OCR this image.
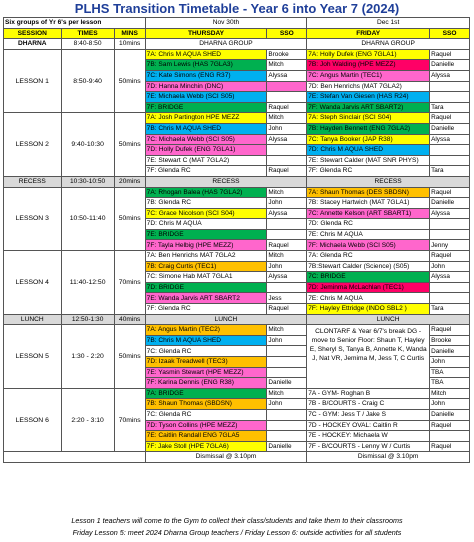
PLHS Transition Timetable - Year 6 into Year 7 (2024)
Six groups of Yr 6's per lesson			Nov 30th		Dec 1st	
SESSION	TIMES	MINS	THURSDAY	SSO	FRIDAY	SSO
DHARNA	8:40-8:50	10mins	DHARNA GROUP		DHARNA GROUP	
LESSON 1	8:50-9:40	50mins	7A: Chris M AQUA SHED	Brooke	7A: Holly Dufek (ENG 7GLA1)	Raquel
			7B: Sam Lewis (HAS 7GLA3)	Mitch	7B: Joh Walding (HPE MEZZ)	Danielle
			7C: Kate Simons (ENG R37)	Alyssa	7C: Angus Martin (TEC1)	Alyssa
			7D: Hanna Minchin (DNC)		7D: Ben Henrichs (MAT 7GLA2)	
			7E: Michaela Webb (SCI S05)		7E: Stefan Van Giesen (HAS R24)	
			7F: BRIDGE	Raquel	7F: Wanda Jarvis ART SBART2)	Tara
LESSON 2	9:40-10:30	50mins	7A: Josh Partington HPE MEZZ	Mitch	7A: Steph Sinclair (SCI S04)	Raquel
			7B: Chris M AQUA SHED	John	7B: Hayden Bennett (ENG 7GLA2)	Danielle
			7C: Michaela Webb (SCI S05)	Alyssa	7C: Tanya Booker (JAP R38)	Alyssa
			7D: Holly Dufek (ENG 7GLA1)		7D: Chris M AQUA SHED	
			7E: Stewart C (MAT 7GLA2)		7E: Stewart Calder (MAT SNR PHYS)	
			7F: Glenda RC	Raquel	7F: Glenda RC	Tara
RECESS	10:30-10:50	20mins	RECESS		RECESS	
LESSON 3	10:50-11:40	50mins	7A: Rhogan Balea (HAS 7GLA2)	Mitch	7A: Shaun Thomas (DES SBDSN)	Raquel
			7B: Glenda RC	John	7B: Stacey Hartwich (MAT 7GLA1)	Danielle
			7C: Grace Nicolson (SCI S04)	Alyssa	7C: Annette Kelson (ART SBART1)	Alyssa
			7D: Chris M AQUA		7D: Glenda RC	
			7E: BRIDGE		7E: Chris M AQUA	
			7F: Tayla Helbig (HPE MEZZ)	Raquel	7F: Michaela Webb (SCI S05)	Jenny
LESSON 4	11:40-12:50	70mins	7A: Ben Henrichs MAT 7GLA2	Mitch	7A: Glenda RC	Raquel
			7B: Craig Curtis (TEC1)	John	7B:Stewart Calder (Science) (S05)	John
			7C: Simone Hab MAT 7GLA1	Alyssa	7C: BRIDGE	Alyssa
			7D: BRIDGE		7D: Jeminma McLachlan (TEC1)	
			7E: Wanda Jarvis ART SBART2	Jess	7E: Chris M AQUA	
			7F: Glenda RC	Raquel	7F: Hayley Ettridge (INDO SBL2 )	Tara
LUNCH	12:50-1:30	40mins	LUNCH		LUNCH	
LESSON 5	1:30 - 2:20	50mins	7A: Angus Martin (TEC2)	Mitch	CLONTARF & Year 6/7's break DG - move to Senior Floor: Shaun T, Hayley E, Sheryl S, Tanya B, Annette K, Wanda J, Nat VR, Jemima M, Jess T, C Curtis	Raquel
			7B: Chris M AQUA SHED	John		Brooke
			7C: Glenda RC			Danielle
			7D: Izaak Treadwell (TEC3)			John
			7E: Yasmin Stewart (HPE MEZZ)			TBA
			7F: Karina Dennis (ENG R38)	Danielle		TBA
LESSON 6	2:20 - 3:10	70mins	7A: BRIDGE	Mitch	7A - GYM- Roghan B	Mitch
			7B: Shaun Thomas (SBDSN)	John	7B - B/COURTS - Craig C	John
			7C: Glenda RC		7C - GYM: Jess T / Jake S	Danielle
			7D: Tyson Collins (HPE MEZZ)		7D - HOCKEY OVAL: Caitlin R	Raquel
			7E: Caitlin Randall ENG 7GLA5		7E - HOCKEY: Michaela W	
			7F: Jake Stoll (HPE 7GLA6)	Danielle	7F - B/COURTS - Lenny W / Curtis	Raquel
			Dismissal @ 3.10pm		Dismissal @ 3.10pm	
Lesson 1 teachers will come to the Gym to collect their class/students and take them to their classrooms
Friday Lesson 5: meet 2024 Dharna Group teachers / Friday Lesson 6: outside activities for all students
